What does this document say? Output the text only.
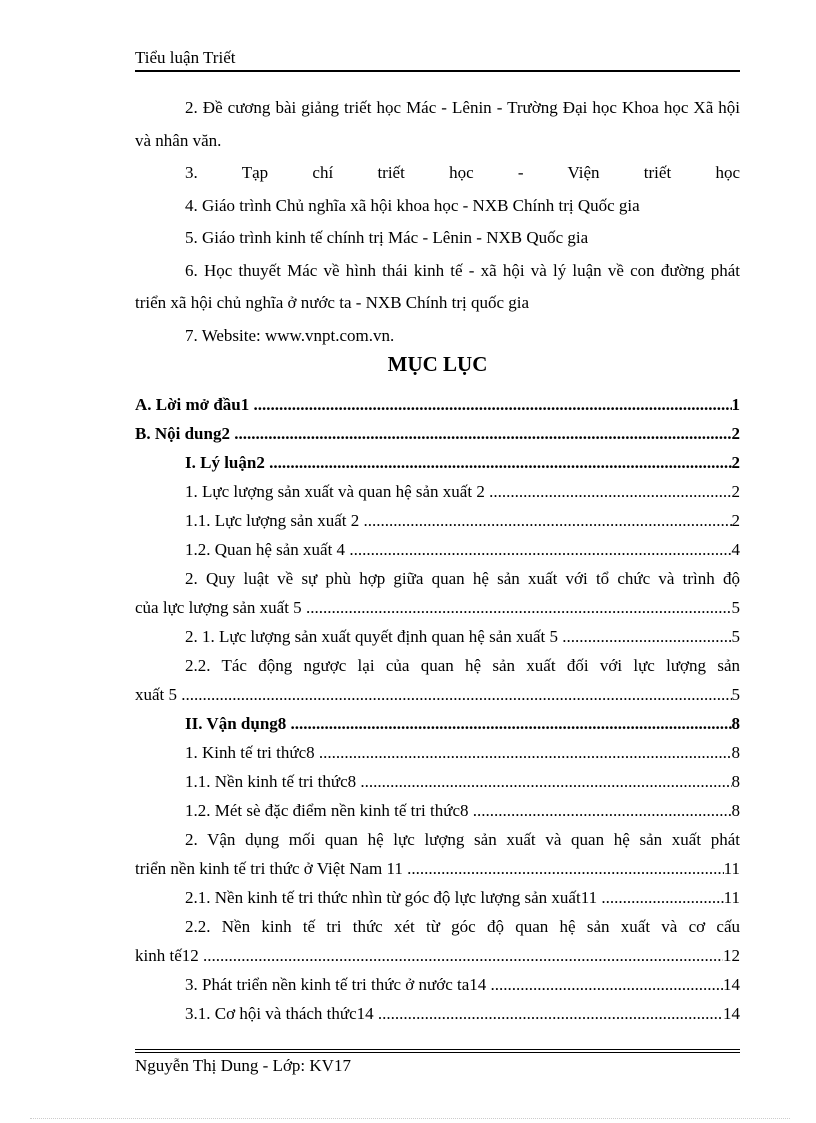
Tiểu luận Triết

2. Đề cương bài giảng triết học Mác - Lênin - Trường Đại học Khoa học Xã hội và nhân văn.

3. Tạp chí triết học - Viện triết học

4. Giáo trình Chủ nghĩa xã hội khoa học - NXB Chính trị Quốc gia

5. Giáo trình kinh tế chính trị Mác - Lênin - NXB Quốc gia

6. Học thuyết Mác về hình thái kinh tế - xã hội và lý luận về con đường phát triển xã hội chủ nghĩa ở nước ta - NXB Chính trị quốc gia

7. Website: www.vnpt.com.vn.

MỤC LỤC
A. Lời mở đầu1 .....	1
B. Nội dung2 .....	2
I. Lý luận2 .....	2
1. Lực lượng sản xuất và quan hệ sản xuất 2 .....	2
1.1. Lực lượng sản xuất 2 .....	2
1.2. Quan hệ sản xuất 4 .....	4
2. Quy luật về sự phù hợp giữa quan hệ sản xuất với tổ chức và trình độ
của lực lượng sản xuất 5 .....	5
2. 1. Lực lượng sản xuất quyết định quan hệ sản xuất 5 .....	5
2.2. Tác động ngược lại của quan hệ sản xuất đối với lực lượng sản
xuất 5 .....	5
II. Vận dụng8 .....	8
1. Kinh tế tri thức8 .....	8
1.1. Nền kinh tế tri thức8 .....	8
1.2. Mét sè đặc điểm nền kinh tế tri thức8 .....	8
2. Vận dụng mối quan hệ lực lượng sản xuất và quan hệ sản xuất phát
triển nền kinh tế tri thức ở Việt Nam 11 .....	11
2.1. Nền kinh tế tri thức nhìn từ góc độ lực lượng sản xuất11 .....	11
2.2. Nền kinh tế tri thức xét từ góc độ quan hệ sản xuất và cơ cấu
kinh tế12 .....	12
3. Phát triển nền kinh tế tri thức ở nước ta14 .....	14
3.1. Cơ hội và thách thức14 .....	14
Nguyễn Thị Dung - Lớp: KV17
